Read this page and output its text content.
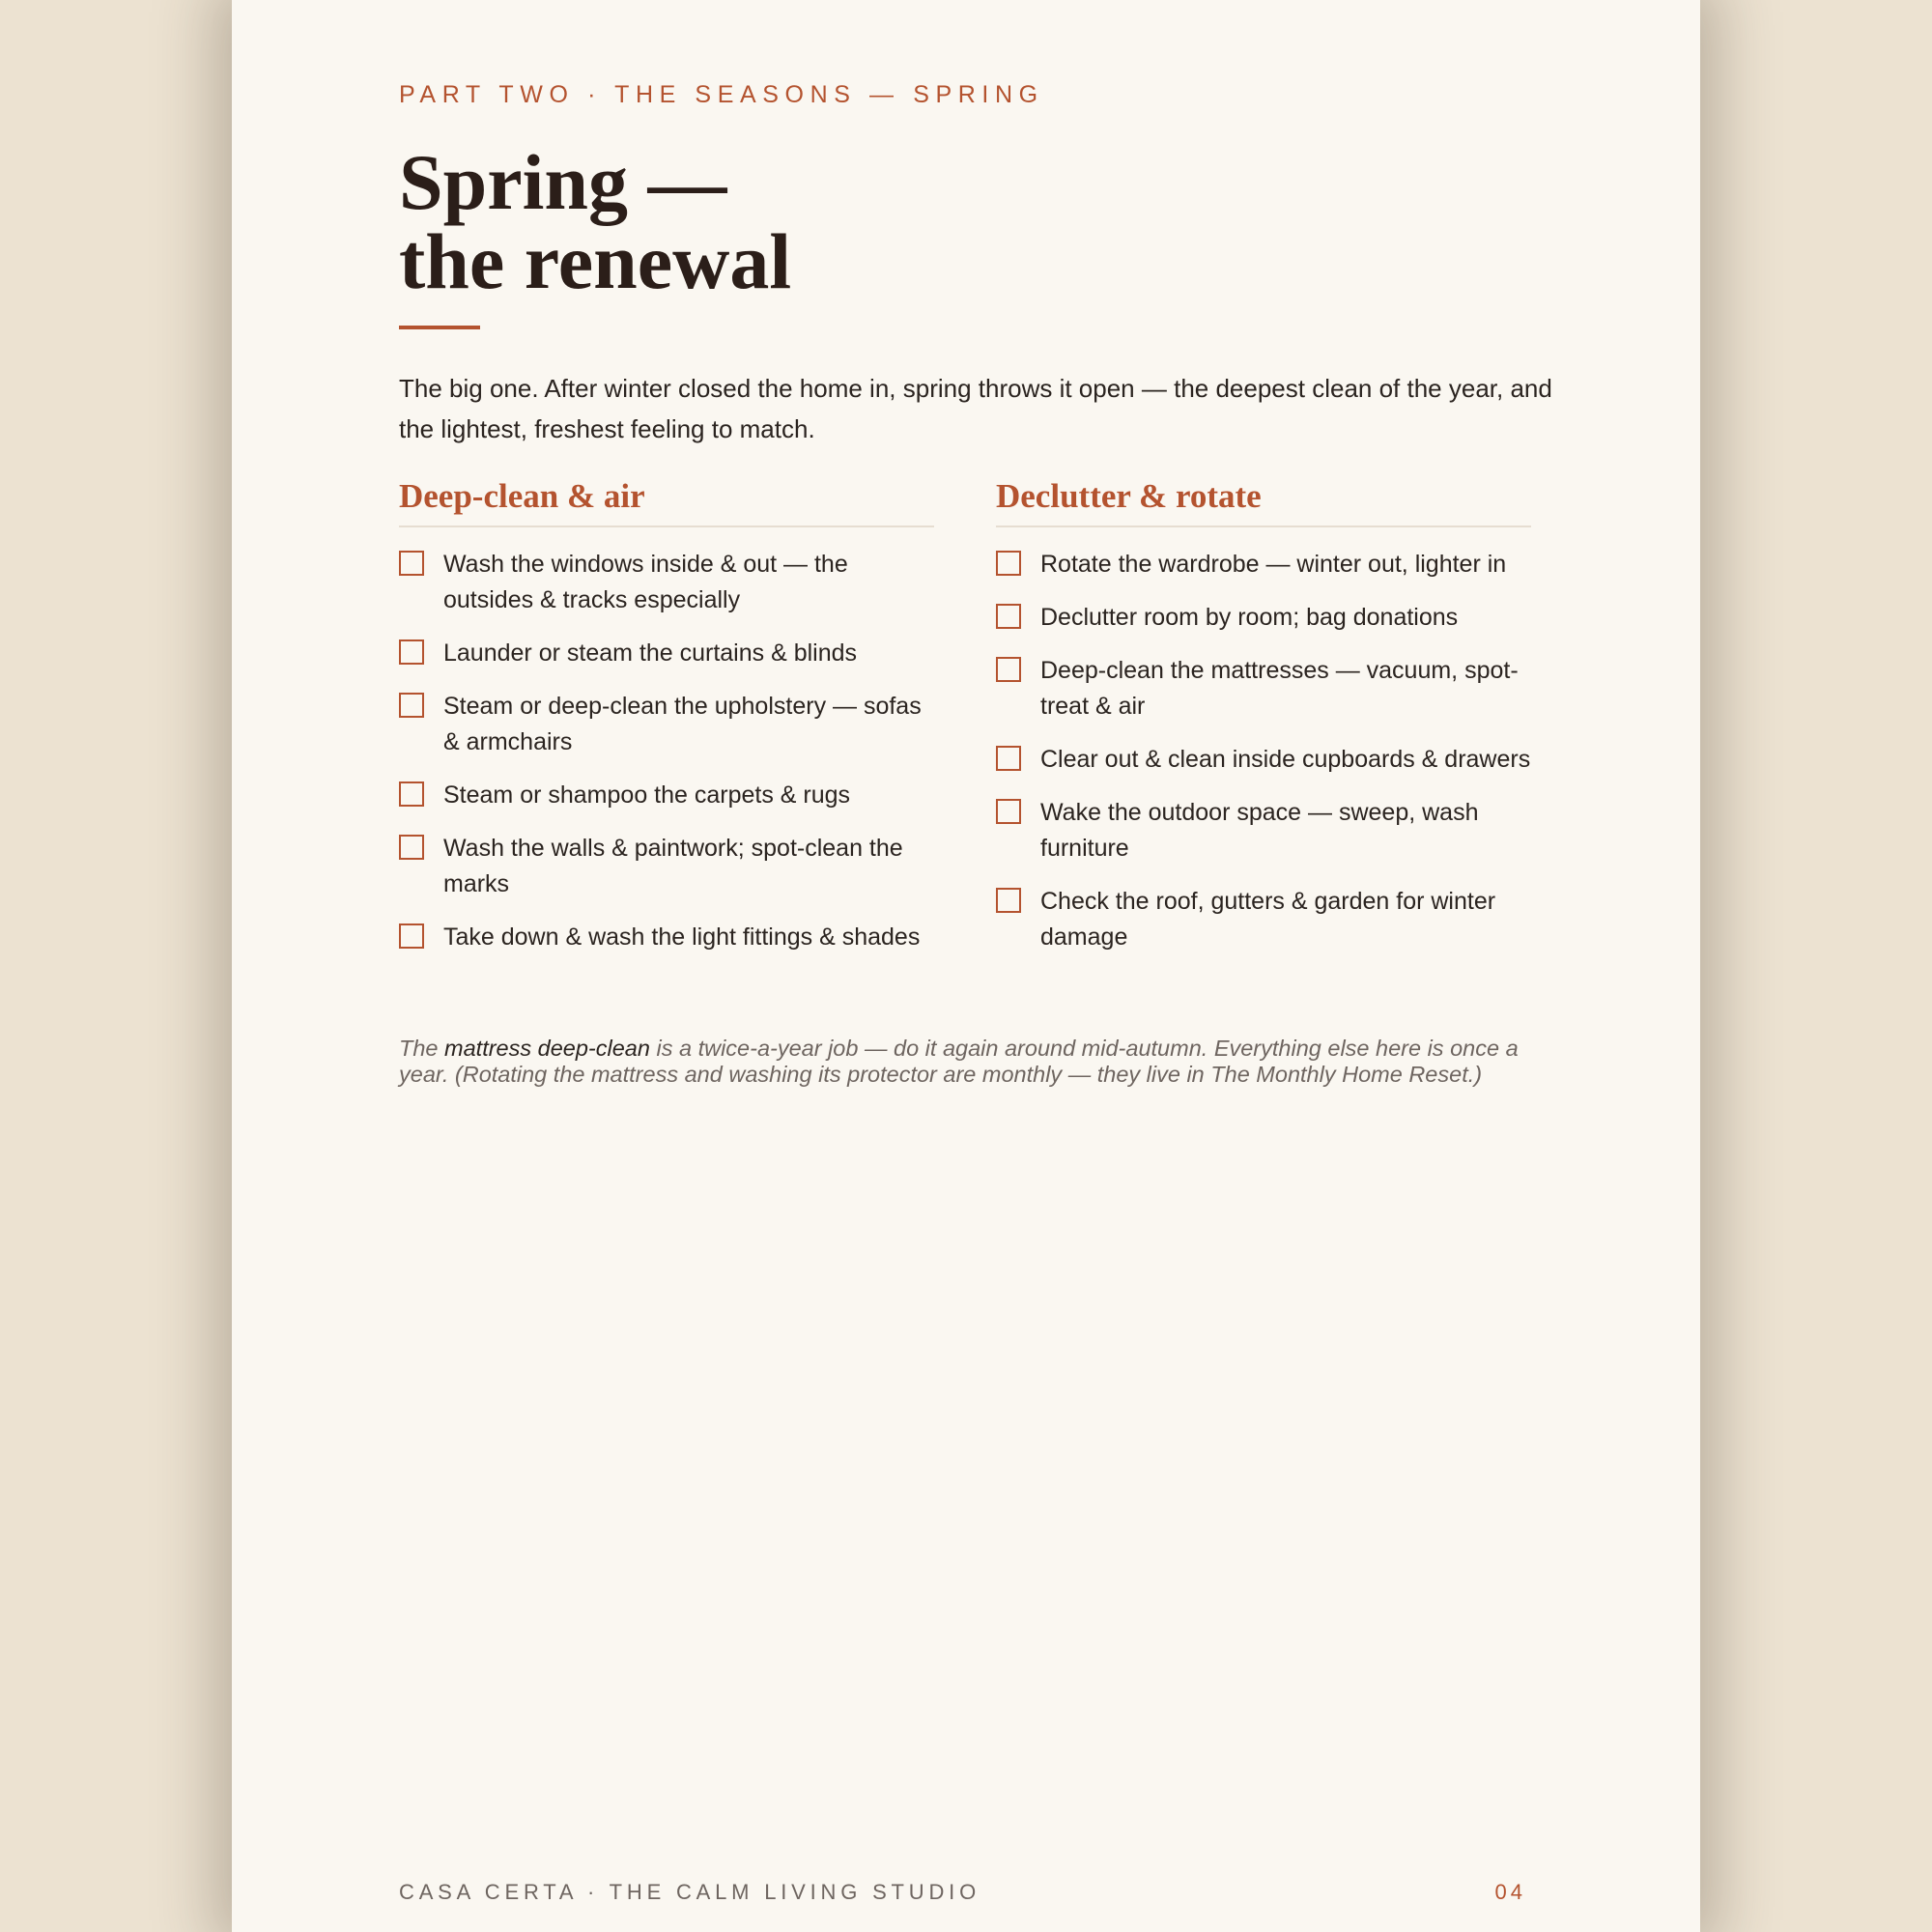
PART TWO · THE SEASONS — SPRING
Spring —
the renewal

The big one. After winter closed the home in, spring throws it open — the deepest clean of the year, and the lightest, freshest feeling to match.

Deep-clean & air
Wash the windows inside & out — the outsides & tracks especially
Launder or steam the curtains & blinds
Steam or deep-clean the upholstery — sofas & armchairs
Steam or shampoo the carpets & rugs
Wash the walls & paintwork; spot-clean the marks
Take down & wash the light fittings & shades
Declutter & rotate
Rotate the wardrobe — winter out, lighter in
Declutter room by room; bag donations
Deep-clean the mattresses — vacuum, spot-treat & air
Clear out & clean inside cupboards & drawers
Wake the outdoor space — sweep, wash furniture
Check the roof, gutters & garden for winter damage

The mattress deep-clean is a twice-a-year job — do it again around mid-autumn. Everything else here is once a year. (Rotating the mattress and washing its protector are monthly — they live in The Monthly Home Reset.)

CASA CERTA · THE CALM LIVING STUDIO	04
